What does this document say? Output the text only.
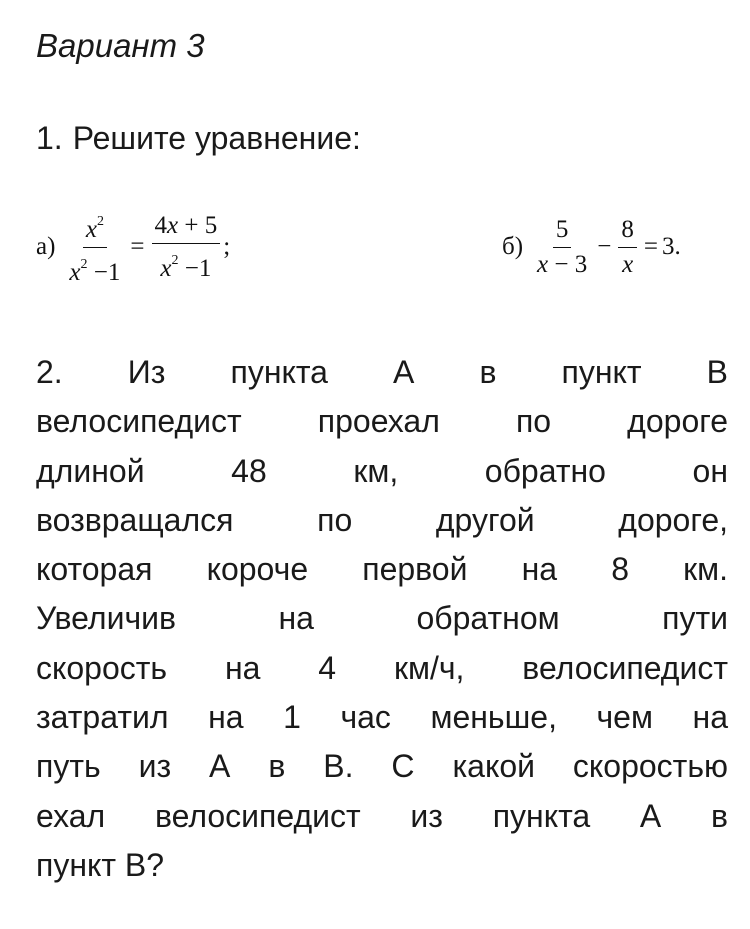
Вариант 3
1. Решите уравнение:
$а) \frac{x^2}{x^2 -1} = \frac{4x + 5}{x^2 -1}$ ;	$б) \frac{5}{x - 3} - \frac{8}{x} = 3$ .
2. Из пункта А в пункт В
велосипедист проехал по дороге
длиной 48 км, обратно он
возвращался по другой дороге,
которая короче первой на 8 км.
Увеличив на обратном пути
скорость на 4 км/ч, велосипедист
затратил на 1 час меньше, чем на
путь из А в В. С какой скоростью
ехал велосипедист из пункта А в
пункт В?
